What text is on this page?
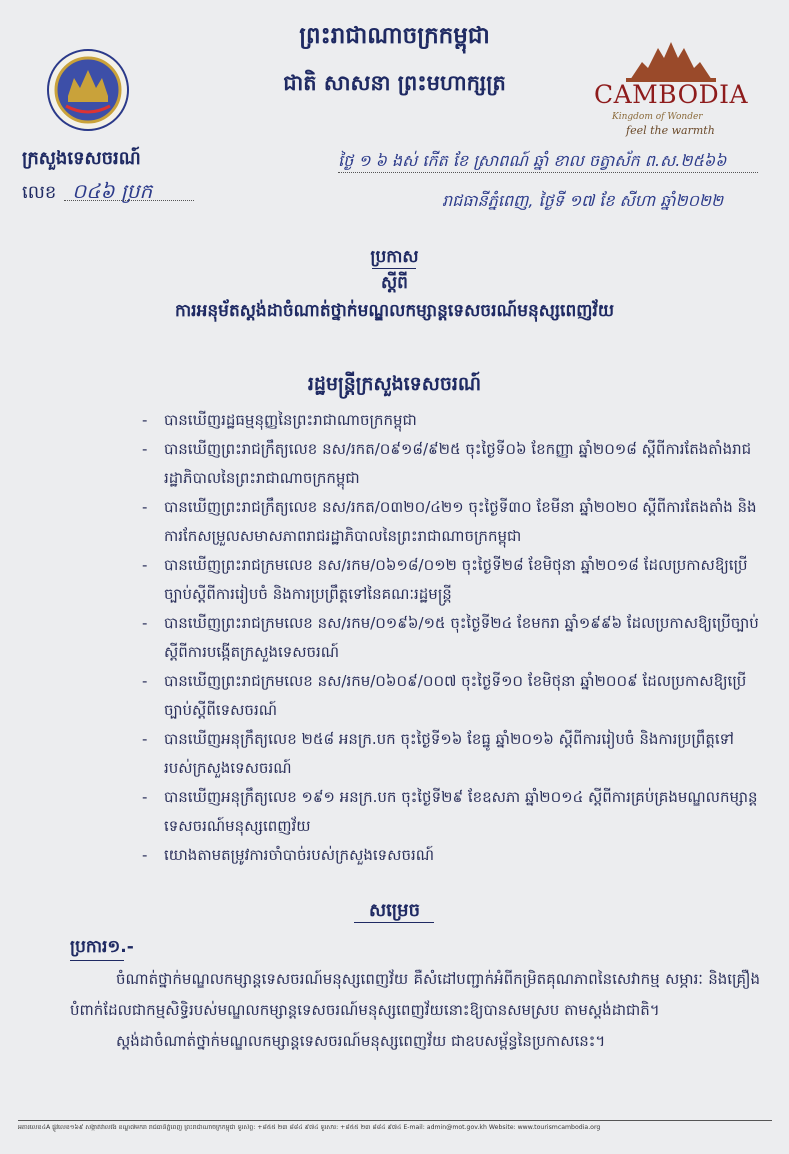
ព្រះរាជាណាចក្រកម្ពុជា
ជាតិ សាសនា ព្រះមហាក្សត្រ
ក្រសួងទេសចរណ៍
លេខ ០៤៦ ប្រក
CAMBODIA
Kingdom of Wonder
feel the warmth
ថ្ងៃ ១ ៦ ងស់ កើត ខែ ស្រាពណ៍ ឆ្នាំ ខាល ចត្វាស័ក ព.ស.២៥៦៦
រាជធានីភ្នំពេញ, ថ្ងៃទី ១៧ ខែ សីហា ឆ្នាំ២០២២
ប្រកាស
ស្តីពី
ការអនុម័តស្តង់ដាចំណាត់ថ្នាក់មណ្ឌលកម្សាន្តទេសចរណ៍មនុស្សពេញវ័យ
រដ្ឋមន្ត្រីក្រសួងទេសចរណ៍
- បានឃើញរដ្ឋធម្មនុញ្ញនៃព្រះរាជាណាចក្រកម្ពុជា
- បានឃើញព្រះរាជក្រឹត្យលេខ នស/រកត/០៩១៨/៩២៥ ចុះថ្ងៃទី០៦ ខែកញ្ញា ឆ្នាំ២០១៨ ស្តីពីការតែងតាំងរាជរដ្ឋាភិបាលនៃព្រះរាជាណាចក្រកម្ពុជា
- បានឃើញព្រះរាជក្រឹត្យលេខ នស/រកត/០៣២០/៤២១ ចុះថ្ងៃទី៣០ ខែមីនា ឆ្នាំ២០២០ ស្តីពីការតែងតាំង និងការកែសម្រួលសមាសភាពរាជរដ្ឋាភិបាលនៃព្រះរាជាណាចក្រកម្ពុជា
- បានឃើញព្រះរាជក្រមលេខ នស/រកម/០៦១៨/០១២ ចុះថ្ងៃទី២៨ ខែមិថុនា ឆ្នាំ២០១៨ ដែលប្រកាសឱ្យប្រើច្បាប់ស្តីពីការរៀបចំ និងការប្រព្រឹត្តទៅនៃគណៈរដ្ឋមន្ត្រី
- បានឃើញព្រះរាជក្រមលេខ នស/រកម/០១៩៦/១៥ ចុះថ្ងៃទី២៤ ខែមករា ឆ្នាំ១៩៩៦ ដែលប្រកាសឱ្យប្រើច្បាប់ស្តីពីការបង្កើតក្រសួងទេសចរណ៍
- បានឃើញព្រះរាជក្រមលេខ នស/រកម/០៦០៩/០០៧ ចុះថ្ងៃទី១០ ខែមិថុនា ឆ្នាំ២០០៩ ដែលប្រកាសឱ្យប្រើច្បាប់ស្តីពីទេសចរណ៍
- បានឃើញអនុក្រឹត្យលេខ ២៥៨ អនក្រ.បក ចុះថ្ងៃទី១៦ ខែធ្នូ ឆ្នាំ២០១៦ ស្តីពីការរៀបចំ និងការប្រព្រឹត្តទៅរបស់ក្រសួងទេសចរណ៍
- បានឃើញអនុក្រឹត្យលេខ ១៩១ អនក្រ.បក ចុះថ្ងៃទី២៩ ខែឧសភា ឆ្នាំ២០១៤ ស្តីពីការគ្រប់គ្រងមណ្ឌលកម្សាន្តទេសចរណ៍មនុស្សពេញវ័យ
- យោងតាមតម្រូវការចាំបាច់របស់ក្រសួងទេសចរណ៍
សម្រេច
ប្រការ១.-

ចំណាត់ថ្នាក់មណ្ឌលកម្សាន្តទេសចរណ៍មនុស្សពេញវ័យ គឺសំដៅបញ្ជាក់អំពីកម្រិតគុណភាពនៃសេវាកម្ម សម្ភារៈ និងគ្រឿងបំពាក់ដែលជាកម្មសិទ្ធិរបស់មណ្ឌលកម្សាន្តទេសចរណ៍មនុស្សពេញវ័យនោះឱ្យបានសមស្រប តាមស្តង់ដាជាតិ។

ស្តង់ដាចំណាត់ថ្នាក់មណ្ឌលកម្សាន្តទេសចរណ៍មនុស្សពេញវ័យ ជាឧបសម្ព័ន្ធនៃប្រកាសនេះ។

អគារលេខ៤A ផ្លូវលេខ១៦៩ សង្កាត់វាលវង់ ខណ្ឌ៧មករា រាជធានីភ្នំពេញ ព្រះរាជាណាចក្រកម្ពុជា ទូរស័ព្ទ: +៨៥៥ ២៣ ៨៨៤ ៩៧៤ ទូរសារ: +៨៥៥ ២៣ ៨៨៤ ៩៧៤ E-mail: admin@mot.gov.kh Website: www.tourismcambodia.org
